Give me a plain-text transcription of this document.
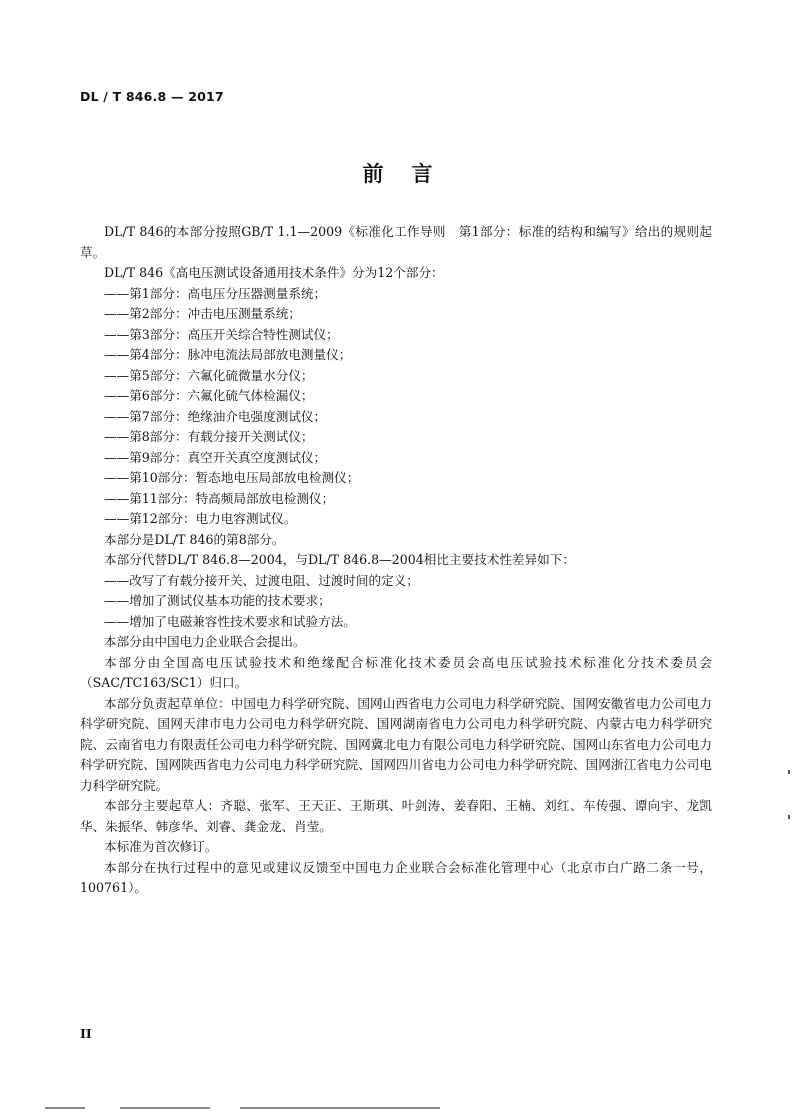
DL / T 846.8 — 2017
前言

DL/T 846的本部分按照GB/T 1.1—2009《标准化工作导则　第1部分：标准的结构和编写》给出的规则起草。

DL/T 846《高电压测试设备通用技术条件》分为12个部分：

——第1部分：高电压分压器测量系统；

——第2部分：冲击电压测量系统；

——第3部分：高压开关综合特性测试仪；

——第4部分：脉冲电流法局部放电测量仪；

——第5部分：六氟化硫微量水分仪；

——第6部分：六氟化硫气体检漏仪；

——第7部分：绝缘油介电强度测试仪；

——第8部分：有载分接开关测试仪；

——第9部分：真空开关真空度测试仪；

——第10部分：暂态地电压局部放电检测仪；

——第11部分：特高频局部放电检测仪；

——第12部分：电力电容测试仪。

本部分是DL/T 846的第8部分。

本部分代替DL/T 846.8—2004，与DL/T 846.8—2004相比主要技术性差异如下：

——改写了有载分接开关、过渡电阻、过渡时间的定义；

——增加了测试仪基本功能的技术要求；

——增加了电磁兼容性技术要求和试验方法。

本部分由中国电力企业联合会提出。

本部分由全国高电压试验技术和绝缘配合标准化技术委员会高电压试验技术标准化分技术委员会（SAC/TC163/SC1）归口。

本部分负责起草单位：中国电力科学研究院、国网山西省电力公司电力科学研究院、国网安徽省电力公司电力科学研究院、国网天津市电力公司电力科学研究院、国网湖南省电力公司电力科学研究院、内蒙古电力科学研究院、云南省电力有限责任公司电力科学研究院、国网冀北电力有限公司电力科学研究院、国网山东省电力公司电力科学研究院、国网陕西省电力公司电力科学研究院、国网四川省电力公司电力科学研究院、国网浙江省电力公司电力科学研究院。

本部分主要起草人：齐聪、张军、王天正、王斯琪、叶剑涛、姜春阳、王楠、刘红、车传强、谭向宇、龙凯华、朱振华、韩彦华、刘睿、龚金龙、肖莹。

本标准为首次修订。

本部分在执行过程中的意见或建议反馈至中国电力企业联合会标准化管理中心（北京市白广路二条一号，100761）。

II
